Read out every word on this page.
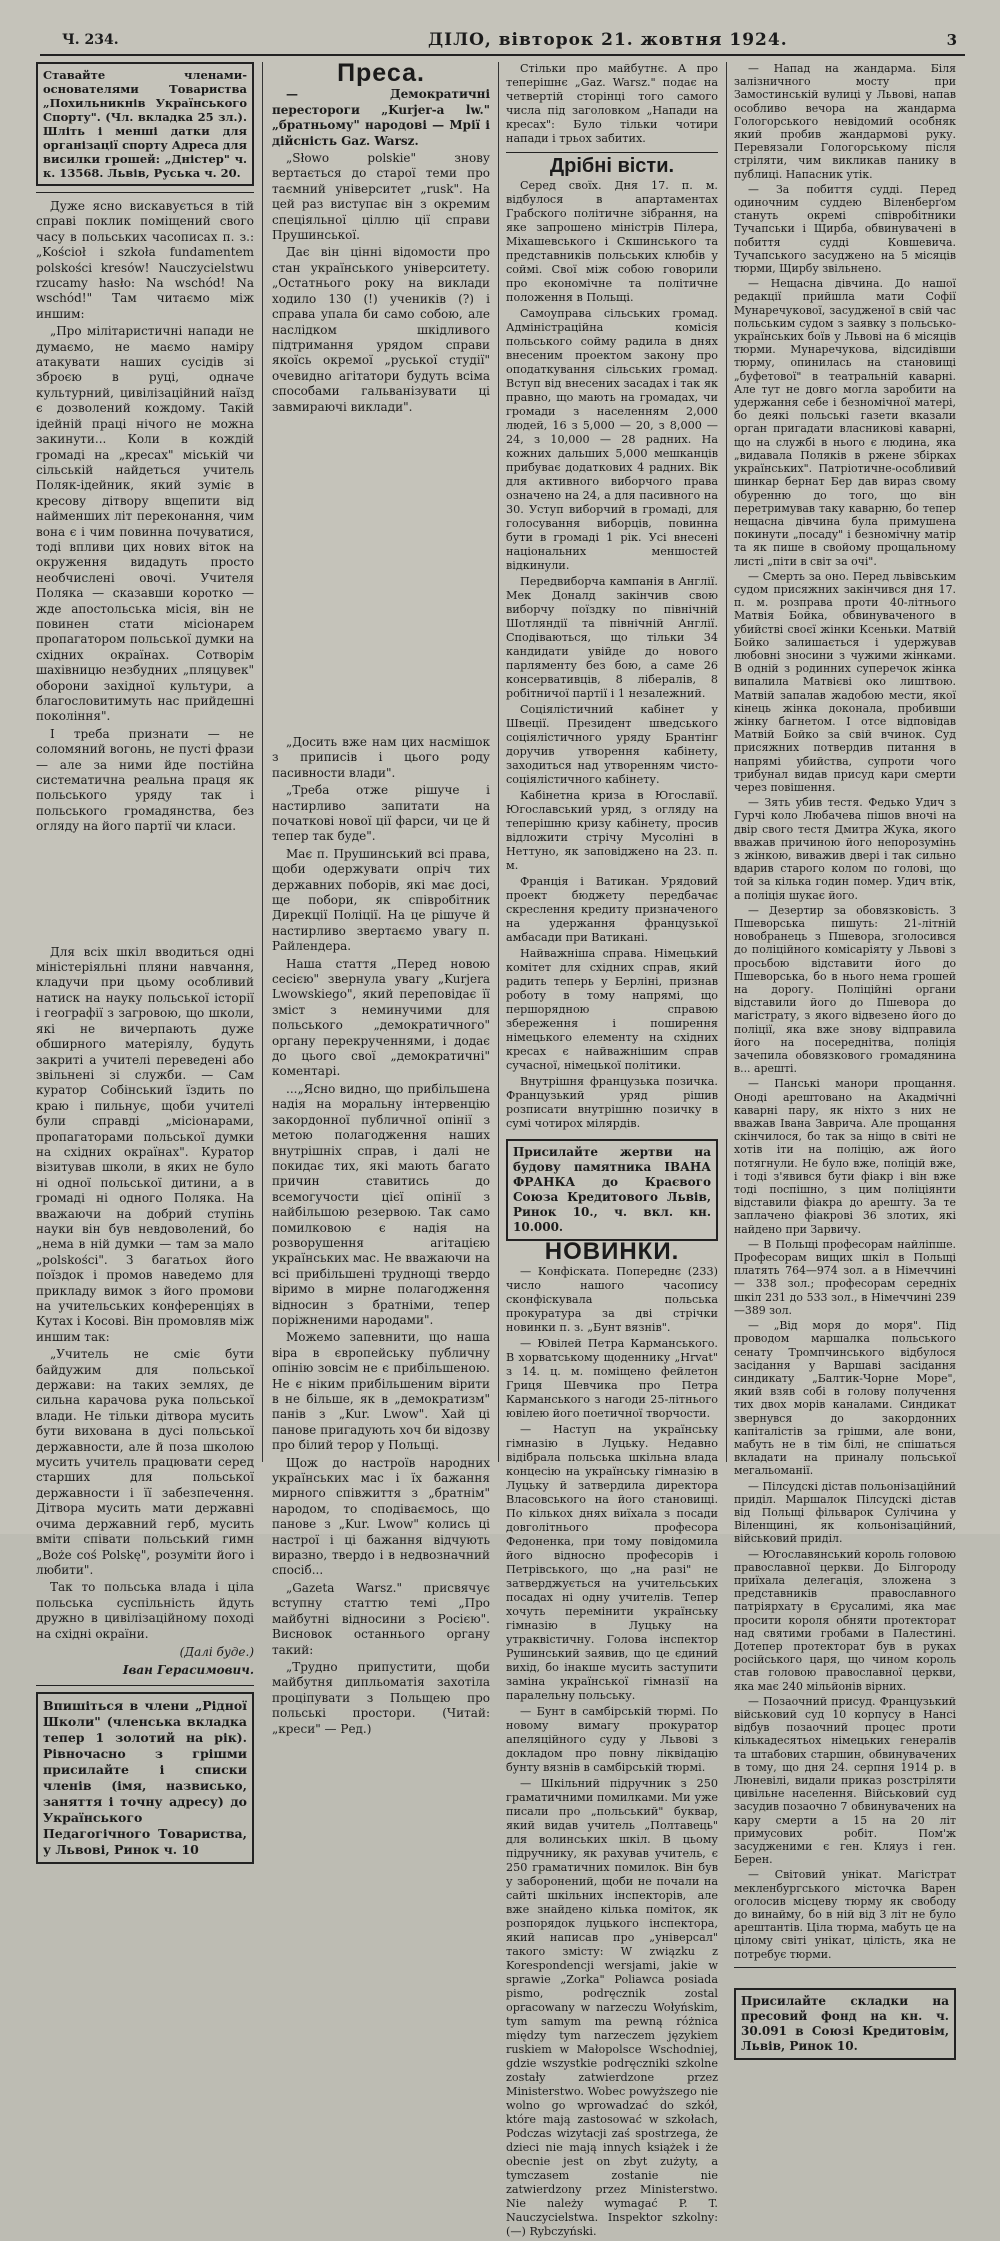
Ч. 234.	ДІЛО, вівторок 21. жовтня 1924.	3
Ставайте членами-основателями Товариства „Похильникнів Українського Спорту". (Чл. вкладка 25 зл.). Шліть і менші датки для організації спорту Адреса для висилки грошей: „Дністер" ч. к. 13568. Львів, Руська ч. 20.

Дуже ясно вискавується в тій справі поклик поміщений свого часу в польських часописах п. з.: „Kościoł i szkoła fundamentem polskości kresów! Nauczycielstwu rzucamy hasło: Na wschód! Na wschód!" Там читаємо між иншим:

„Про мілітаристичні напади не думаємо, не маємо наміру атакувати наших сусідів зі зброєю в руці, одначе культурний, цивілізаційний наїзд є дозволений кождому. Такій ідейній праці нічого не можна закинути... Коли в кождій громаді на „кресах" міській чи сільській найдеться учитель Поляк-ідейник, який зуміє в кресову дітвору вщепити від найменших літ переконання, чим вона є і чим повинна почуватися, тоді впливи цих нових віток на окруження видадуть просто необчислені овочі. Учителя Поляка — сказавши коротко — жде апостольська місія, він не повинен стати місіонарем пропагатором польської думки на східних окраїнах. Сотворім шахівницю незбудних „пляцувек" оборони західної культури, а благословитимуть нас прийдешні покоління".

І треба признати — не соломяний вогонь, не пусті фрази — але за ними йде постійна систематична реальна праця як польського уряду так і польського громадянства, без огляду на його партії чи класи.

Для всіх шкіл вводиться одні міністеріяльні пляни навчання, кладучи при цьому особливий натиск на науку польської історії і географії з загровою, що школи, які не вичерпають дуже обширного матеріялу, будуть закриті а учителі переведені або звільнені зі служби. — Сам куратор Собінський їздить по краю і пильнує, щоби учителі були справді „місіонарами, пропагаторами польської думки на східних окраїнах". Куратор візитував школи, в яких не було ні одної польської дитини, а в громаді ні одного Поляка. На вважаючи на добрий ступінь науки він був невдоволений, бо „нема в ній думки — там за мало „polskości". З багатьох його поїздок і промов наведемо для прикладу вимок з його промови на учительських конференціях в Кутах і Косові. Він промовляв між иншим так:

„Учитель не сміє бути байдужим для польської держави: на таких землях, де сильна карачова рука польської влади. Не тільки дітвора мусить бути вихована в дусі польської державности, але й поза школою мусить учитель працювати серед старших для польської державности і її забезпечення. Дітвора мусить мати державні очима державний герб, мусить вміти співати польський гимн „Boże coś Polskę", розуміти його і любити".

Так то польська влада і ціла польська суспільність йдуть дружно в цивілізаційному поході на східні окраїни.

(Далі буде.)
Іван Герасимович.
Впишіться в члени „Рідної Школи" (членська вкладка тепер 1 золотий на рік). Рівночасно з грішми присилайте і списки членів (імя, назвисько, заняття і точну адресу) до Українського Педагогічного Товариства, у Львові, Ринок ч. 10
Преса.

— Демократичні перестороги „Kurjer-a lw." „братньому" народові — Мрії і дійсність Gaz. Warsz.

„Słowo polskie" знову вертається до старої теми про таємний університет „rusk". На цей раз виступає він з окремим спеціяльної ціллю ції справи Прушинської.

Дає він цінні відомости про стан українського університету. „Остатнього року на виклади ходило 130 (!) учеників (?) і справа упала би само собою, але наслідком шкідливого підтримання урядом справи якоїсь окремої „руської студії" очевидно агітатори будуть всіма способами гальванізувати ці завмираючі виклади".

„Досить вже нам цих насмішок з приписів і цього роду пасивности влади".

„Треба отже рішуче і настирливо запитати на початкові нової ції фарси, чи це й тепер так буде".

Має п. Прушинський всі права, щоби одержувати опріч тих державних поборів, які має досі, ще побори, як співробітник Дирекції Поліції. На це рішуче й настирливо звертаємо увагу п. Райлендера.

Наша стаття „Перед новою сесією" звернула увагу „Kurjera Lwowskiego", який переповідає її зміст з неминучими для польського „демократичного" органу перекрученнями, і додає до цього свої „демократичні" коментарі.

...„Ясно видно, що прибільшена надія на моральну інтервенцію закордонної публичної опінії з метою полагодження наших внутрішніх справ, і далі не покидає тих, які мають багато причин ставитись до всемогучости цієї опінії з найбільшою резервою. Так само помилковою є надія на розворушення агітацією українських мас. Не вважаючи на всі прибільшені труднощі твердо віримо в мирне полагодження відносин з братніми, тепер поріжненими народами".

Можемо запевнити, що наша віра в європейську публичну опінію зовсім не є прибільшеною. Не є ніким прибільшеним вірити в не більше, як в „демократизм" панів з „Kur. Lwow". Хай ці панове пригадують хоч би відозву про білий терор у Польщі.

Щож до настроїв народних українських мас і їх бажання мирного співжиття з „братнім" народом, то сподіваємось, що панове з „Kur. Lwow" колись ці настрої і ці бажання відчують виразно, твердо і в недвозначний спосіб...

„Gazeta Warsz." присвячує вступну статтю темі „Про майбутні відносини з Росією". Висновок останнього органу такий:

„Трудно припустити, щоби майбутня дипльоматія захотіла проціпувати з Польщею про польські простори. (Читай: „креси" — Ред.)

Стільки про майбутнє. А про теперішнє „Gaz. Warsz." подає на четвертій сторінці того самого числа під заголовком „Напади на кресах": Було тільки чотири напади і трьох забитих.

Дрібні вісти.

Серед своїх. Дня 17. п. м. відбулося в апартаментах Грабского політичне зібрання, на яке запрошено міністрів Пілера, Міхашевського і Скшинського та представників польських клюбів у соймі. Свої між собою говорили про економічне та політичне положення в Польщі.

Самоуправа сільських громад. Адміністраційна комісія польського сойму радила в днях внесеним проектом закону про оподаткування сільських громад. Вступ від внесених засадах і так як правно, що мають на громадах, чи громади з населенням 2,000 людей, 16 з 5,000 — 20, з 8,000 — 24, з 10,000 — 28 радних. На кожних дальших 5,000 мешканців прибуває додаткових 4 радних. Вік для активного виборчого права означено на 24, а для пасивного на 30. Уступ виборчий в громаді, для голосування виборців, повинна бути в громаді 1 рік. Усі внесені національних меншостей відкинули.

Передвиборча кампанія в Англії. Мек Доналд закінчив свою виборчу поїздку по північній Шотляндії та північній Англії. Сподіваються, що тільки 34 кандидати увійде до нового парляменту без бою, а саме 26 консервативців, 8 лібералів, 8 робітничої партії і 1 незалежний.

Соціялістичний кабінет у Швеції. Президент шведського соціялістичного уряду Брантінг доручив утворення кабінету, заходиться над утворенням чисто-соціялістичного кабінету.

Кабінетна криза в Югославії. Югославський уряд, з огляду на теперішню кризу кабінету, просив відложити стрічу Мусоліні в Неттуно, як заповіджено на 23. п. м.

Франція і Ватикан. Урядовий проект бюджету передбачає скреслення кредиту призначеного на удержання французької амбасади при Ватикані.

Найважніша справа. Німецький комітет для східних справ, який радить теперь у Берліні, признав роботу в тому напрямі, що першорядною справою збереження і поширення німецького елементу на східних кресах є найважнішим справ сучасної, німецької політики.

Внутрішня французька позичка. Французький уряд рішив розписати внутрішню позичку в сумі чотирох мілярдів.

Присилайте жертви на будову памятника ІВАНА ФРАНКА до Краєвого Союза Кредитового Львів, Ринок 10., ч. вкл. кн. 10.000.
НОВИНКИ.

— Конфіската. Попереднє (233) число нашого часопису сконфіскувала польська прокуратура за дві стрічки новинки п. з. „Бунт вязнів".

— Ювілей Петра Карманського. В хорватському щоденнику „Hrvat" з 14. ц. м. поміщено фейлетон Гриця Шевчика про Петра Карманського з нагоди 25-літнього ювілею його поетичної творчости.

— Наступ на українську гімназію в Луцьку. Недавно відібрала польська шкільна влада концесію на українську гімназію в Луцьку й затвердила директора Власовського на його становищі. По кількох днях виїхала з посади довголітнього професора Федоненка, при тому повідомила його відносно професорів і Петрівського, що „на разі" не затверджується на учительських посадах ні одну учителів. Тепер хочуть перемінити українську гімназію в Луцьку на утраквістичну. Голова інспектор Рушинський заявив, що це єдиний вихід, бо інакше мусить заступити заміна української гімназії на паралельну польську.

— Бунт в самбірській тюрмі. По новому вимагу прокуратор апеляційного суду у Львові з докладом про повну ліквідацію бунту вязнів в самбірській тюрмі.

— Шкільний підручник з 250 граматичними помилками. Ми уже писали про „польський" буквар, який видав учитель „Полтавець" для волинських шкіл. В цьому підручнику, як рахував учитель, є 250 граматичних помилок. Він був у заборонений, щоби не почали на сайті шкільних інспекторів, але вже знайдено кілька поміток, як розпорядок луцького інспектора, який написав про „універсал" такого змісту: W związku z Korespondencji wersjami, jakie w sprawie „Zorka" Poliawca posiada pismo, podręcznik zostal opracowany w narzeczu Wołyńskim, tym samym ma pewną różnica między tym narzeczem językiem ruskiem w Małopolsce Wschodniej, gdzie wszystkie podręczniki szkolne zostały zatwierdzone przez Ministerstwo. Wobec powyższego nie wolno go wprowadzać do szkół, które mają zastosować w szkołach, Podczas wizytacji zaś spostrzega, że dzieci nie mają innych książek i że obecnie jest on zbyt zużyty, a tymczasem zostanie nie zatwierdzony przez Ministerstwo. Nie należy wymagać P. T. Nauczycielstwa. Inspektor szkolny: (—) Rybczyński.

— Напад на жандарма. Біля залізничного мосту при Замостинській вулиці у Львові, напав особливо вечора на жандарма Гологорського невідомий особняк який пробив жандармові руку. Перевязали Гологорському після стріляти, чим викликав панику в публиці. Напасник утік.

— За побиття судді. Перед одиночним суддею Віленберґом стануть окремі співробітники Тучапськи і Щирба, обвинувачені в побиття судді Ковшевича. Тучапського засуджено на 5 місяців тюрми, Щирбу звільнено.

— Нещасна дівчина. До нашої редакції прийшла мати Софії Мунаречукової, засудженої в свій час польським судом з заявку з польсько-українських боїв у Львові на 6 місяців тюрми. Мунаречукова, відсидівши тюрму, опинилась на становищі „буфетової" в театральній каварні. Але тут не довго могла заробити на удержання себе і безномічної матері, бо деякі польські газети вказали орган пригадати власникові каварні, що на службі в нього є людина, яка „видавала Поляків в ржене збірках українських". Патріотичне-особливий шинкар бернат Бер дав вираз свому обуренню до того, що він перетримував таку каварню, бо тепер нещасна дівчина була примушена покинути „посаду" і безномічну матір та як пише в свойому прощальному листі „піти в світ за очі".

— Смерть за оно. Перед львівським судом присяжних закінчився дня 17. п. м. розправа проти 40-літнього Матвія Бойка, обвинуваченого в убийстві своєї жінки Ксеньки. Матвій Бойко залишається і удержував любовні зносини з чужими жінками. В одній з родинних суперечок жінка випалила Матвієві око лиштвою. Матвій запалав жадобою мести, якої кінець жінка доконала, пробивши жінку багнетом. І отсе відповідав Матвій Бойко за свій вчинок. Суд присяжних потвердив питання в напрямі убийства, супроти чого трибунал видав присуд кари смерти через повішення.

— Зять убив тестя. Федько Удич з Гурчі коло Любачева пішов вночі на двір свого тестя Дмитра Жука, якого вважав причиною його непорозумінь з жінкою, виважив двері і так сильно вдарив старого колом по голові, що той за кілька годин помер. Удич втік, а поліція шукає його.

— Дезертир за обовязковість. З Пшеворська пишуть: 21-літній новобранець з Пшевора, зголосився до поліційного комісаріяту у Львові з просьбою відставити його до Пшеворська, бо в нього нема грошей на дорогу. Поліційні органи відставили його до Пшевора до магістрату, з якого відвезено його до поліції, яка вже знову відправила його на посереднітва, поліція зачепила обовязкового громадянина в... арешті.

— Панські манори прощання. Оноді арештовано на Акадмічні каварні пару, як ніхто з них не вважав Івана Заврича. Але прощання скінчилося, бо так за ніщо в світі не хотів іти на поліцію, аж його потягнули. Не було вже, поліцій вже, і тоді з'явився бути фіакр і він вже тоді поспішно, з цим поліціянти відставили фіакра до арешту. За те заплачено фіакрові 36 злотих, які найдено при Зарвичу.

— В Польщі професорам найліпше. Професорам вищих шкіл в Польщі платять 764—974 зол. а в Німеччині — 338 зол.; професорам середніх шкіл 231 до 533 зол., в Німеччині 239—389 зол.

— „Від моря до моря". Під проводом маршалка польського сенату Тромпчинського відбулося засідання у Варшаві засідання синдикату „Балтик-Чорне Море", який взяв собі в голову получення тих двох морів каналами. Синдикат звернувся до закордонних капіталістів за грішми, але вони, мабуть не в тім білі, не спішаться вкладати на приналу польської мегальоманії.

— Пілсудскі дістав польонізаційний приділ. Маршалок Пілсудскі дістав від Польщі фільварок Сулічина у Віленщині, як кольонізаційний, військовий приділ.

— Югославянський король головою православної церкви. До Білгороду приїхала делегація, зложена з представників православного патріярхату в Єрусалимі, яка має просити короля обняти протекторат над святими гробами в Палестині. Дотепер протекторат був в руках російського царя, що чином король став головою православної церкви, яка має 240 мільйонів вірних.

— Позаочний присуд. Французький військовий суд 10 корпусу в Нансі відбув позаочний процес проти кількадесятьох німецьких генералів та штабових старшин, обвинувачених в тому, що дня 24. серпня 1914 р. в Люневілі, видали приказ розстріляти цивільне населення. Військовий суд засудив позаочно 7 обвинувачених на кару смерти а 15 на 20 літ примусових робіт. Пом'ж засудженими є ген. Кляуз і ген. Берен.

— Світовий унікат. Магістрат мекленбургського місточка Варен оголосив місцеву тюрму як свободу до винайму, бо в ній від 3 літ не було арештантів. Ціла тюрма, мабуть це на цілому світі унікат, цілість, яка не потребує тюрми.

Присилайте складки на пресовий фонд на кн. ч. 30.091 в Союзі Кредитовім, Львів, Ринок 10.
